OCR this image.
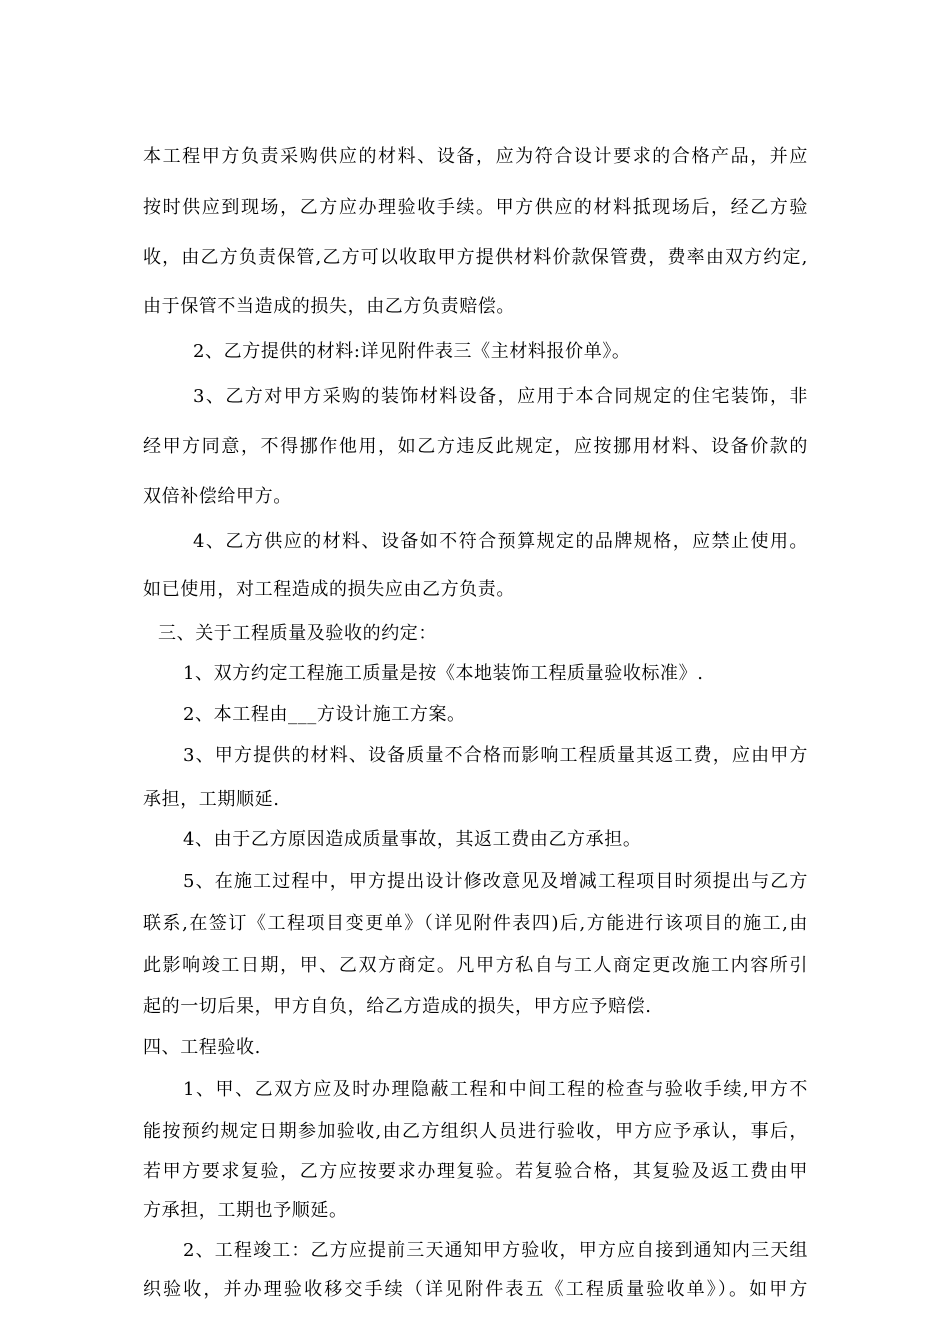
本工程甲方负责采购供应的材料、设备，应为符合设计要求的合格产品，并应
按时供应到现场，乙方应办理验收手续。甲方供应的材料抵现场后，经乙方验
收，由乙方负责保管,乙方可以收取甲方提供材料价款保管费，费率由双方约定,
由于保管不当造成的损失，由乙方负责赔偿。
2、乙方提供的材料:详见附件表三《主材料报价单》。
3、乙方对甲方采购的装饰材料设备，应用于本合同规定的住宅装饰，非
经甲方同意，不得挪作他用，如乙方违反此规定，应按挪用材料、设备价款的
双倍补偿给甲方。
4、乙方供应的材料、设备如不符合预算规定的品牌规格，应禁止使用。
如已使用，对工程造成的损失应由乙方负责。
三、关于工程质量及验收的约定：
1、双方约定工程施工质量是按《本地装饰工程质量验收标准》.
2、本工程由___方设计施工方案。
3、甲方提供的材料、设备质量不合格而影响工程质量其返工费，应由甲方
承担，工期顺延.
4、由于乙方原因造成质量事故，其返工费由乙方承担。
5、在施工过程中，甲方提出设计修改意见及增减工程项目时须提出与乙方
联系,在签订《工程项目变更单》（详见附件表四)后,方能进行该项目的施工,由
此影响竣工日期，甲、乙双方商定。凡甲方私自与工人商定更改施工内容所引
起的一切后果，甲方自负，给乙方造成的损失，甲方应予赔偿.
四、工程验收.
1、甲、乙双方应及时办理隐蔽工程和中间工程的检查与验收手续,甲方不
能按预约规定日期参加验收,由乙方组织人员进行验收，甲方应予承认，事后，
若甲方要求复验，乙方应按要求办理复验。若复验合格，其复验及返工费由甲
方承担，工期也予顺延。
2、工程竣工：乙方应提前三天通知甲方验收，甲方应自接到通知内三天组
织验收，并办理验收移交手续（详见附件表五《工程质量验收单》）。如甲方
